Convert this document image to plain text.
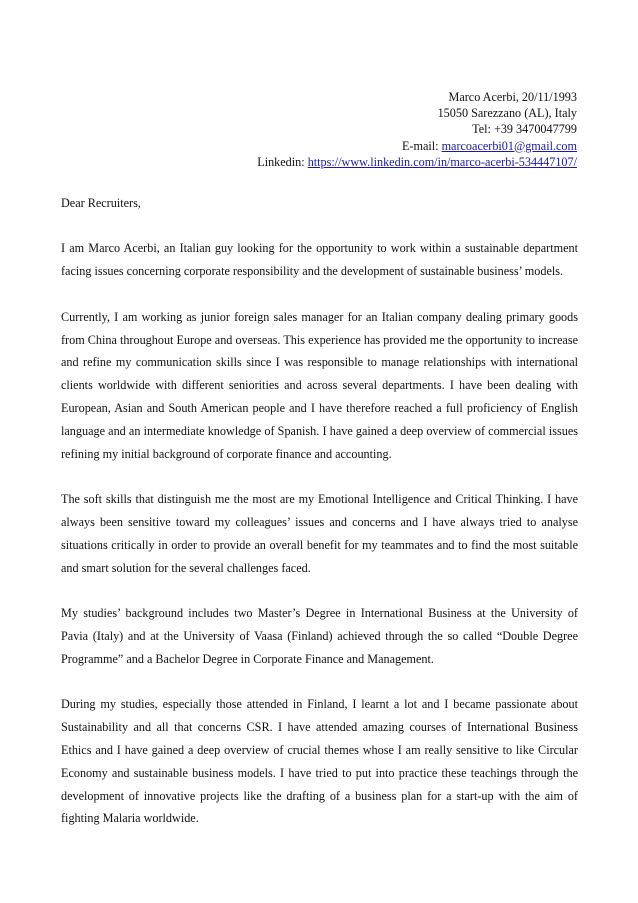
Marco Acerbi, 20/11/1993
15050 Sarezzano (AL), Italy
Tel: +39 3470047799
E-mail: marcoacerbi01@gmail.com
Linkedin: https://www.linkedin.com/in/marco-acerbi-534447107/

Dear Recruiters,

I am Marco Acerbi, an Italian guy looking for the opportunity to work within a sustainable department facing issues concerning corporate responsibility and the development of sustainable business’ models.

Currently, I am working as junior foreign sales manager for an Italian company dealing primary goods from China throughout Europe and overseas. This experience has provided me the opportunity to increase and refine my communication skills since I was responsible to manage relationships with international clients worldwide with different seniorities and across several departments. I have been dealing with European, Asian and South American people and I have therefore reached a full proficiency of English language and an intermediate knowledge of Spanish. I have gained a deep overview of commercial issues refining my initial background of corporate finance and accounting.

The soft skills that distinguish me the most are my Emotional Intelligence and Critical Thinking. I have always been sensitive toward my colleagues’ issues and concerns and I have always tried to analyse situations critically in order to provide an overall benefit for my teammates and to find the most suitable and smart solution for the several challenges faced.

My studies’ background includes two Master’s Degree in International Business at the University of Pavia (Italy) and at the University of Vaasa (Finland) achieved through the so called “Double Degree Programme” and a Bachelor Degree in Corporate Finance and Management.

During my studies, especially those attended in Finland, I learnt a lot and I became passionate about Sustainability and all that concerns CSR. I have attended amazing courses of International Business Ethics and I have gained a deep overview of crucial themes whose I am really sensitive to like Circular Economy and sustainable business models. I have tried to put into practice these teachings through the development of innovative projects like the drafting of a business plan for a start-up with the aim of fighting Malaria worldwide.
